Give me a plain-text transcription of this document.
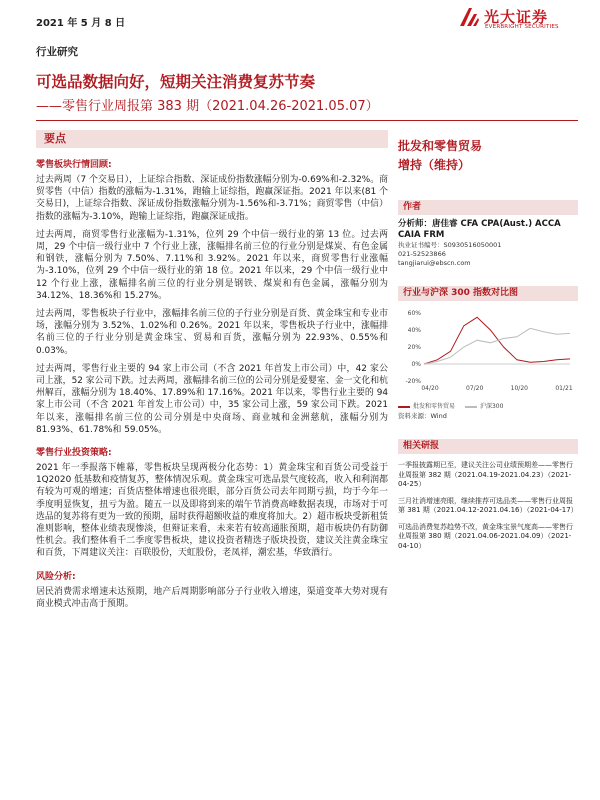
2021 年 5 月 8 日	光大证券
EVERBRIGHT SECURITIES
行业研究
可选品数据向好，短期关注消费复苏节奏
——零售行业周报第 383 期（2021.04.26-2021.05.07）
要点
零售板块行情回顾:

过去两周（7 个交易日），上证综合指数、深证成份指数涨幅分别为-0.69%和-2.32%。商贸零售（中信）指数的涨幅为-1.31%，跑输上证综指，跑赢深证指。2021 年以来(81 个交易日)，上证综合指数、深证成份指数涨幅分别为-1.56%和-3.71%；商贸零售（中信）指数的涨幅为-3.10%，跑输上证综指，跑赢深证成指。

过去两周，商贸零售行业涨幅为-1.31%，位列 29 个中信一级行业的第 13 位。过去两周，29 个中信一级行业中 7 个行业上涨，涨幅排名前三位的行业分别是煤炭、有色金属和钢铁，涨幅分别为 7.50%、7.11%和 3.92%。2021 年以来，商贸零售行业涨幅为-3.10%，位列 29 个中信一级行业的第 18 位。2021 年以来，29 个中信一级行业中 12 个行业上涨，涨幅排名前三位的行业分别是钢铁、煤炭和有色金属，涨幅分别为 34.12%、18.36%和 15.27%。

过去两周，零售板块子行业中，涨幅排名前三位的子行业分别是百货、黄金珠宝和专业市场，涨幅分别为 3.52%、1.02%和 0.26%。2021 年以来，零售板块子行业中，涨幅排名前三位的子行业分别是黄金珠宝、贸易和百货，涨幅分别为 22.93%、0.55%和 0.03%。

过去两周，零售行业主要的 94 家上市公司（不含 2021 年首发上市公司）中，42 家公司上涨，52 家公司下跌。过去两周，涨幅排名前三位的公司分别是爱婴室、金一文化和杭州解百，涨幅分别为 18.40%、17.89%和 17.16%。2021 年以来，零售行业主要的 94 家上市公司（不含 2021 年首发上市公司）中，35 家公司上涨，59 家公司下跌。2021 年以来，涨幅排名前三位的公司分别是中央商场、商业城和金洲慈航，涨幅分别为 81.93%、61.78%和 59.05%。

零售行业投资策略:

2021 年一季报落下帷幕，零售板块呈现两极分化态势：1）黄金珠宝和百货公司受益于 1Q2020 低基数和疫情复苏，整体情况乐观。黄金珠宝可选品景气度较高，收入和利润都有较为可观的增速；百货店整体增速也很亮眼，部分百货公司去年同期亏损，均于今年一季度明显恢复，扭亏为盈。随五一以及即将到来的端午节消费高峰数据表现，市场对于可选品的复苏将有更为一致的预期，届时获得超额收益的难度将加大。2）超市板块受新租赁准则影响，整体业绩表现惨淡，但辩证来看，未来若有较高通胀预期，超市板块仍有防御性机会。我们整体看千二季度零售板块，建议投资者精选子版块投资，建议关注黄金珠宝和百货，下周建议关注：百联股份，天虹股份，老凤祥，潮宏基，华致酒行。

风险分析:

居民消费需求增速未达预期，地产后周期影响部分子行业收入增速，渠道变革大势对现有商业模式冲击高于预期。

批发和零售贸易
增持（维持）
作者
分析师：唐佳睿 CFA CPA(Aust.) ACCA CAIA FRM
执业证书编号：S0930516050001
021-52523866
tangjiarui@ebscn.com
行业与沪深 300 指数对比图
60%
40%
20%
0%
-20%
04/20	07/20	10/20	01/21
批发和零售贸易	沪深300
资料来源：Wind
相关研报
一季报披露期已至，建议关注公司业绩预期差——零售行业周报第 382 期（2021.04.19-2021.04.23）（2021-04-25）
三月社消增速亮眼，继续推荐可选品类——零售行业周报第 381 期（2021.04.12-2021.04.16）（2021-04-17）
可选品消费复苏趋势不改，黄金珠宝景气度高——零售行业周报第 380 期（2021.04.06-2021.04.09）（2021-04-10）
